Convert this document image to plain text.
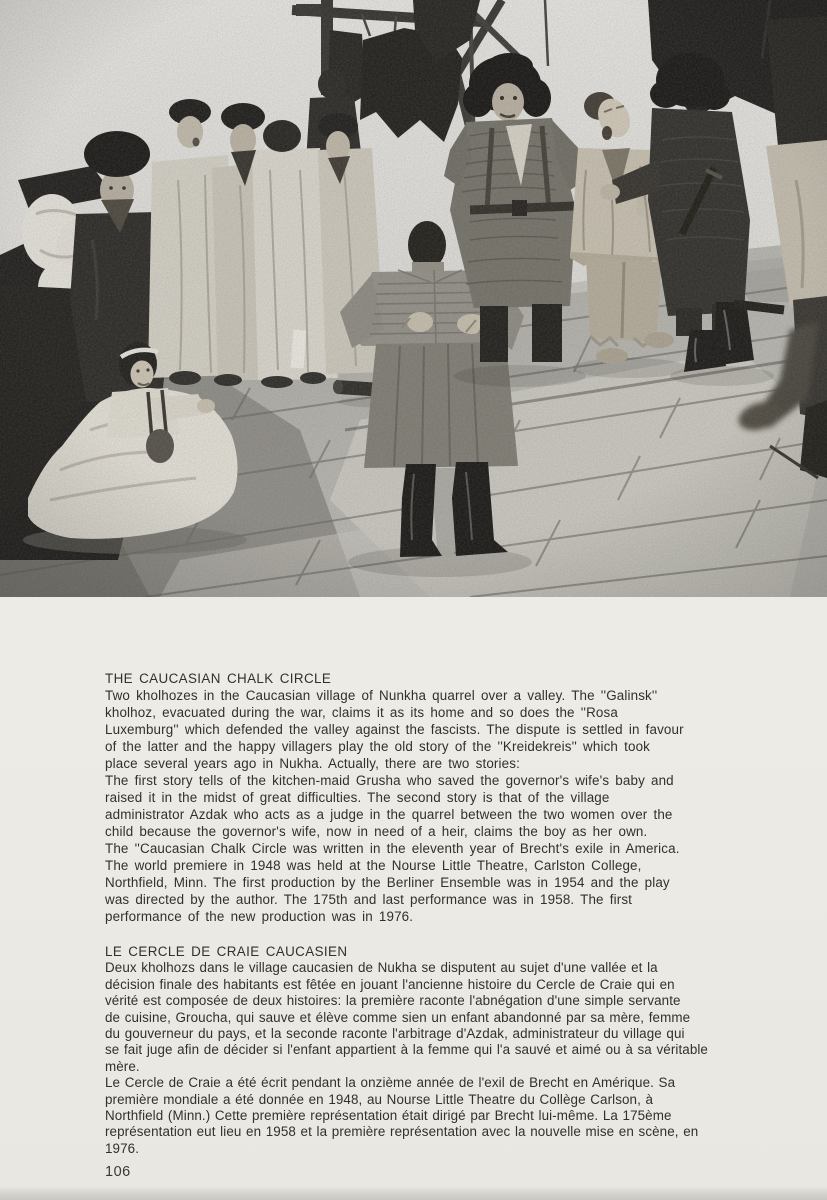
THE CAUCASIAN CHALK CIRCLE
Two kholhozes in the Caucasian village of Nunkha quarrel over a valley. The ''Galinsk''
kholhoz, evacuated during the war, claims it as its home and so does the ''Rosa
Luxemburg'' which defended the valley against the fascists. The dispute is settled in favour
of the latter and the happy villagers play the old story of the ''Kreidekreis'' which took
place several years ago in Nukha. Actually, there are two stories:
The first story tells of the kitchen-maid Grusha who saved the governor's wife's baby and
raised it in the midst of great difficulties. The second story is that of the village
administrator Azdak who acts as a judge in the quarrel between the two women over the
child because the governor's wife, now in need of a heir, claims the boy as her own.
The ''Caucasian Chalk Circle was written in the eleventh year of Brecht's exile in America.
The world premiere in 1948 was held at the Nourse Little Theatre, Carlston College,
Northfield, Minn. The first production by the Berliner Ensemble was in 1954 and the play
was directed by the author. The 175th and last performance was in 1958. The first
performance of the new production was in 1976.
LE CERCLE DE CRAIE CAUCASIEN
Deux kholhozs dans le village caucasien de Nukha se disputent au sujet d'une vallée et la
décision finale des habitants est fêtée en jouant l'ancienne histoire du Cercle de Craie qui en
vérité est composée de deux histoires: la première raconte l'abnégation d'une simple servante
de cuisine, Groucha, qui sauve et élève comme sien un enfant abandonné par sa mère, femme
du gouverneur du pays, et la seconde raconte l'arbitrage d'Azdak, administrateur du village qui
se fait juge afin de décider si l'enfant appartient à la femme qui l'a sauvé et aimé ou à sa véritable
mère.
Le Cercle de Craie a été écrit pendant la onzième année de l'exil de Brecht en Amérique. Sa
première mondiale a été donnée en 1948, au Nourse Little Theatre du Collège Carlson, à
Northfield (Minn.) Cette première représentation était dirigé par Brecht lui-même. La 175ème
représentation eut lieu en 1958 et la première représentation avec la nouvelle mise en scène, en
1976.
106
